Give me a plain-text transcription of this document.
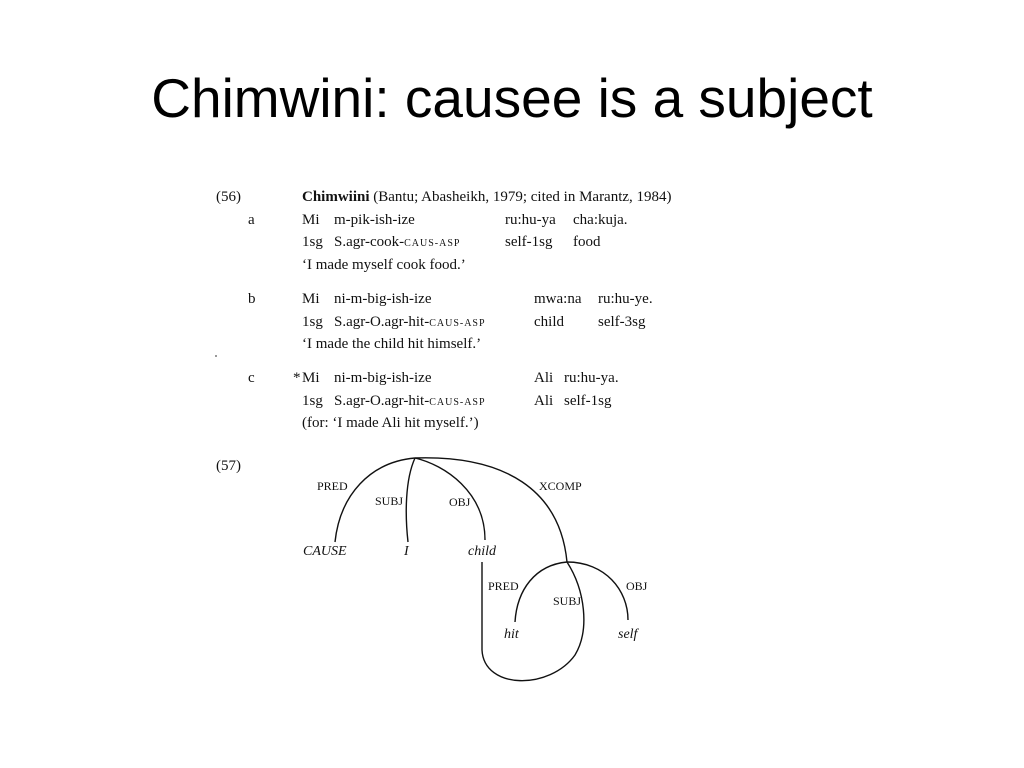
Chimwini: causee is a subject
(56)	Chimwiini (Bantu; Abasheikh, 1979; cited in Marantz, 1984)
a	Mi m-pik-ish-ize	ru:hu-ya cha:kuja.
1sg S.agr-cook-CAUS-ASP	self-1sg food
‘I made myself cook food.’
b	Mi ni-m-big-ish-ize	mwa:na ru:hu-ye.
1sg S.agr-O.agr-hit-CAUS-ASP	child self-3sg
‘I made the child hit himself.’
c	* Mi ni-m-big-ish-ize	Ali ru:hu-ya.
1sg S.agr-O.agr-hit-CAUS-ASP	Ali self-1sg
(for: ‘I made Ali hit myself.’)
(57)
PRED
SUBJ	OBJ
XCOMP
PRED
SUBJ
OBJ
CAUSE	I	child
hit	self
